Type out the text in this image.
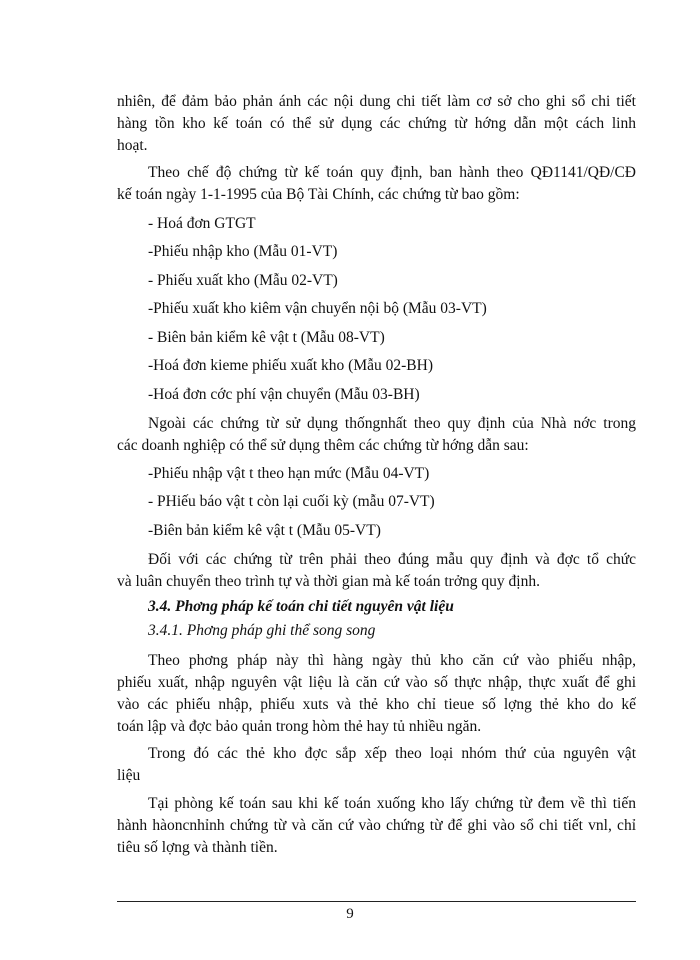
nhiên, để đảm bảo phản ánh các nội dung chi tiết làm cơ sở cho ghi sổ chi tiết
hàng tồn kho kế toán có thể sử dụng các chứng từ hớng dẫn một cách linh
hoạt.
Theo chế độ chứng từ kế toán quy định, ban hành theo QĐ1141/QĐ/CĐ
kế toán ngày 1-1-1995 của Bộ Tài Chính, các chứng từ bao gồm:
- Hoá đơn GTGT
-Phiếu nhập kho (Mẫu 01-VT)
- Phiếu xuất kho (Mẫu 02-VT)
-Phiếu xuất kho kiêm vận chuyển nội bộ (Mẫu 03-VT)
- Biên bản kiểm kê vật t (Mẫu 08-VT)
-Hoá đơn kieme phiếu xuất kho (Mẫu 02-BH)
-Hoá đơn cớc phí vận chuyển (Mẫu 03-BH)
Ngoài các chứng từ sử dụng thốngnhất theo quy định của Nhà nớc trong
các doanh nghiệp có thể sử dụng thêm các chứng từ hớng dẫn sau:
-Phiếu nhập vật t theo hạn mức (Mẫu 04-VT)
- PHiếu báo vật t còn lại cuối kỳ (mẫu 07-VT)
-Biên bản kiểm kê vật t (Mẫu 05-VT)
Đối với các chứng từ trên phải theo đúng mẫu quy định và đợc tổ chức
và luân chuyển theo trình tự và thời gian mà kế toán trởng quy định.
3.4. Phơng pháp kế toán chi tiết nguyên vật liệu
3.4.1. Phơng pháp ghi thể song song
Theo phơng pháp này thì hàng ngày thủ kho căn cứ vào phiếu nhập,
phiếu xuất, nhập nguyên vật liệu là căn cứ vào số thực nhập, thực xuất để ghi
vào các phiếu nhập, phiếu xuts và thẻ kho chỉ tieue số lợng thẻ kho do kế
toán lập và đợc bảo quản trong hòm thẻ hay tủ nhiều ngăn.
Trong đó các thẻ kho đợc sắp xếp theo loại nhóm thứ của nguyên vật
liệu
Tại phòng kế toán sau khi kế toán xuống kho lấy chứng từ đem về thì tiến
hành hàoncnhỉnh chứng từ và căn cứ vào chứng từ để ghi vào sổ chi tiết vnl, chỉ
tiêu số lợng và thành tiền.
9
